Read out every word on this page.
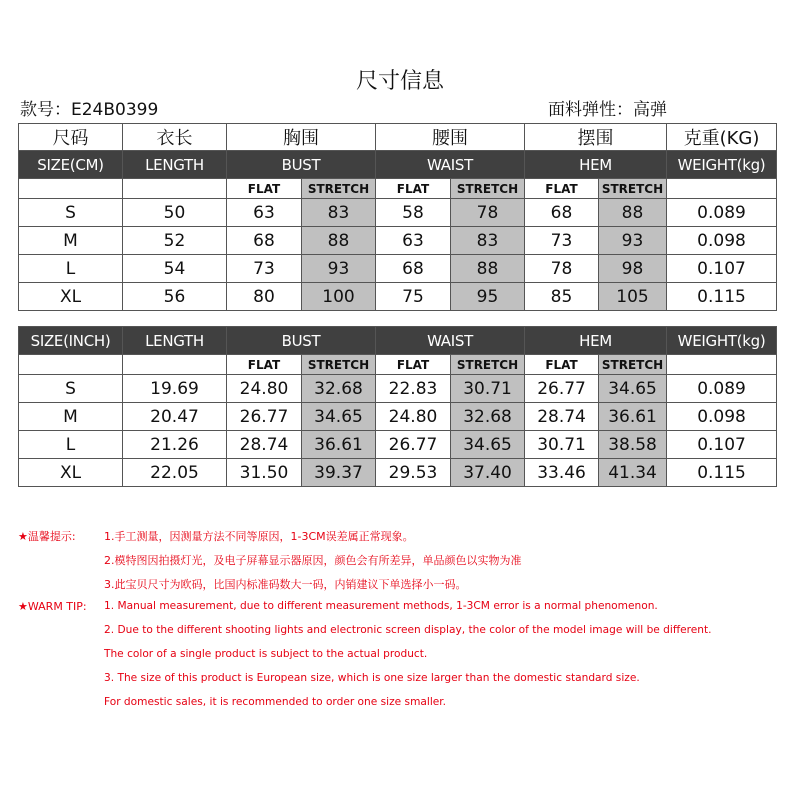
尺寸信息
款号：E24B0399	面料弹性：高弹
尺码	衣长	胸围		腰围		摆围		克重(KG)
SIZE(CM)	LENGTH	BUST		WAIST		HEM		WEIGHT(kg)
		FLAT	STRETCH	FLAT	STRETCH	FLAT	STRETCH	
S	50	63	83	58	78	68	88	0.089
M	52	68	88	63	83	73	93	0.098
L	54	73	93	68	88	78	98	0.107
XL	56	80	100	75	95	85	105	0.115
SIZE(INCH)	LENGTH	BUST		WAIST		HEM		WEIGHT(kg)
		FLAT	STRETCH	FLAT	STRETCH	FLAT	STRETCH	
S	19.69	24.80	32.68	22.83	30.71	26.77	34.65	0.089
M	20.47	26.77	34.65	24.80	32.68	28.74	36.61	0.098
L	21.26	28.74	36.61	26.77	34.65	30.71	38.58	0.107
XL	22.05	31.50	39.37	29.53	37.40	33.46	41.34	0.115
★温馨提示:	1.手工测量，因测量方法不同等原因，1-3CM误差属正常现象。
2.模特图因拍摄灯光，及电子屏幕显示器原因，颜色会有所差异，单品颜色以实物为准
3.此宝贝尺寸为欧码，比国内标准码数大一码，内销建议下单选择小一码。
★WARM TIP: 1. Manual measurement, due to different measurement methods, 1-3CM error is a normal phenomenon.
2. Due to the different shooting lights and electronic screen display, the color of the model image will be different.
The color of a single product is subject to the actual product.
3. The size of this product is European size, which is one size larger than the domestic standard size.
For domestic sales, it is recommended to order one size smaller.
